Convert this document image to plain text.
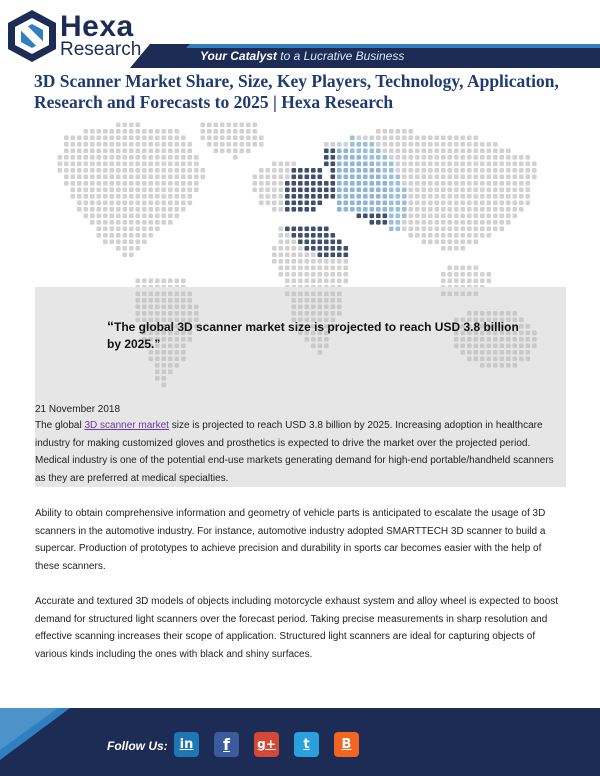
Hexa
Research	Your Catalyst to a Lucrative Business
3D Scanner Market Share, Size, Key Players, Technology, Application, Research and Forecasts to 2025 | Hexa Research
“The global 3D scanner market size is projected to reach USD 3.8 billion by 2025.”

21 November 2018

The global 3D scanner market size is projected to reach USD 3.8 billion by 2025. Increasing adoption in healthcare industry for making customized gloves and prosthetics is expected to drive the market over the projected period. Medical industry is one of the potential end-use markets generating demand for high-end portable/handheld scanners as they are preferred at medical specialties.

Ability to obtain comprehensive information and geometry of vehicle parts is anticipated to escalate the usage of 3D scanners in the automotive industry. For instance, automotive industry adopted SMARTTECH 3D scanner to build a supercar. Production of prototypes to achieve precision and durability in sports car becomes easier with the help of these scanners.

Accurate and textured 3D models of objects including motorcycle exhaust system and alloy wheel is expected to boost demand for structured light scanners over the forecast period. Taking precise measurements in sharp resolution and effective scanning increases their scope of application. Structured light scanners are ideal for capturing objects of various kinds including the ones with black and shiny surfaces.

Follow Us: in	f	g+	t	B
